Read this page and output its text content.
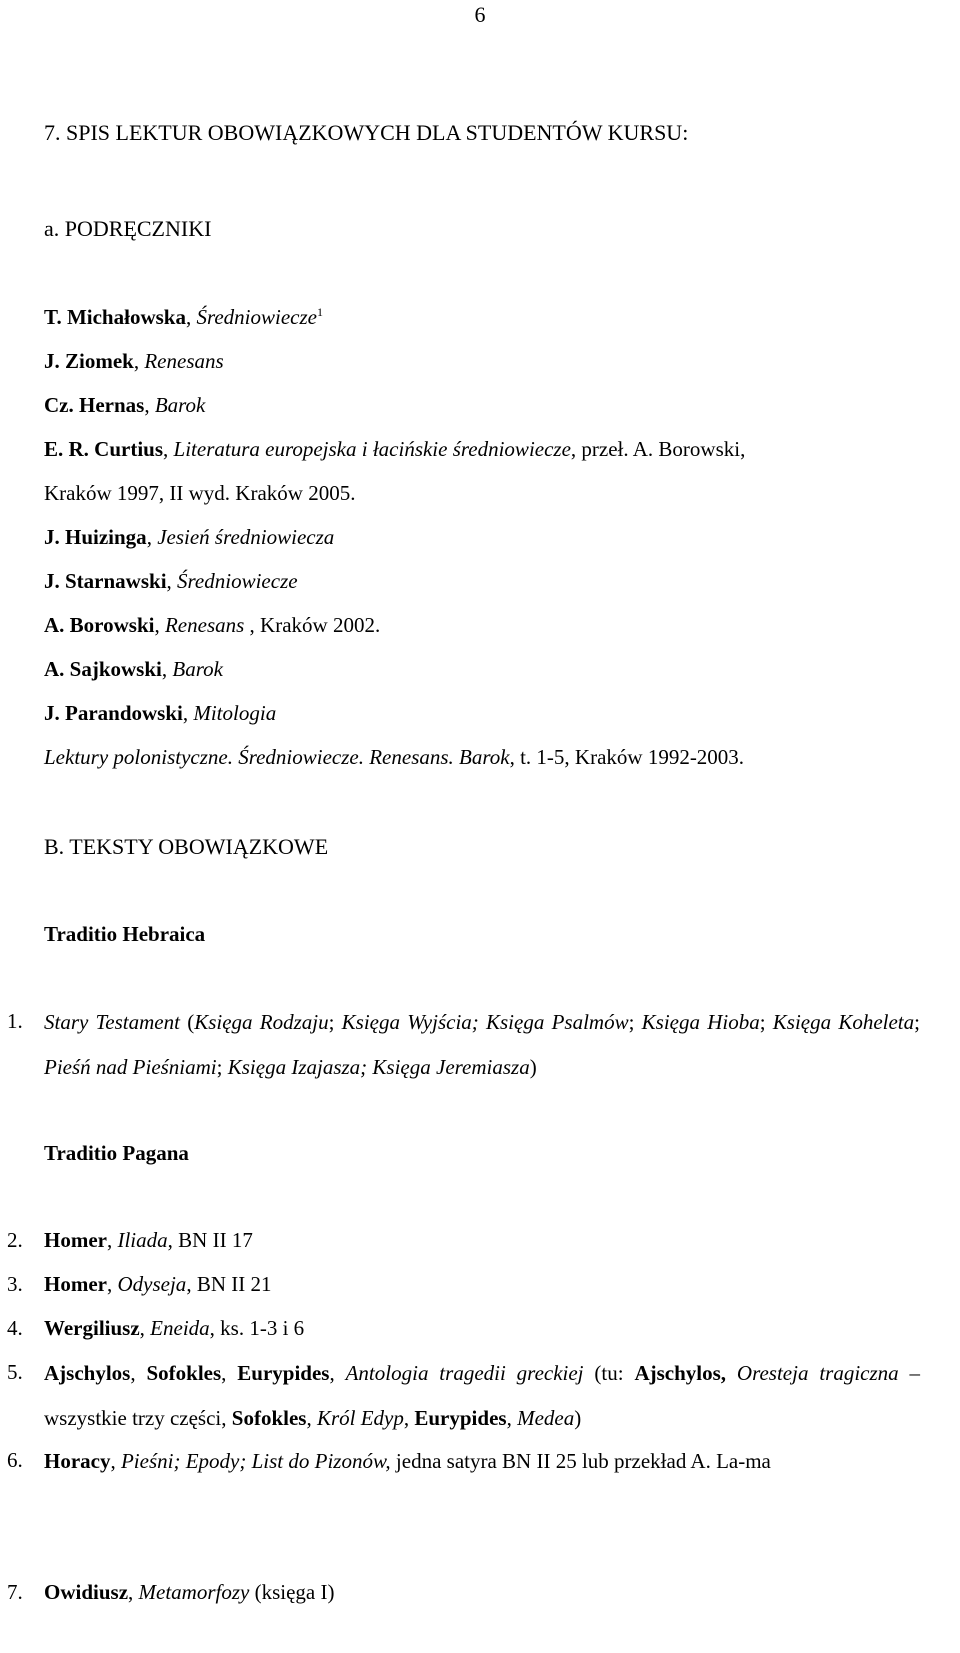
6
7. SPIS LEKTUR OBOWIĄZKOWYCH DLA STUDENTÓW KURSU:
a. PODRĘCZNIKI
T. Michałowska, Średniowiecze$^1$
J. Ziomek, Renesans
Cz. Hernas, Barok
E. R. Curtius, Literatura europejska i łacińskie średniowiecze, przeł. A. Borowski,
Kraków 1997, II wyd. Kraków 2005.
J. Huizinga, Jesień średniowiecza
J. Starnawski, Średniowiecze
A. Borowski, Renesans , Kraków 2002.
A. Sajkowski, Barok
J. Parandowski, Mitologia
Lektury polonistyczne. Średniowiecze. Renesans. Barok, t. 1-5, Kraków 1992-2003.
B. TEKSTY OBOWIĄZKOWE
Traditio Hebraica
1. Stary Testament (Księga Rodzaju; Księga Wyjścia; Księga Psalmów; Księga Hioba; Księga Koheleta; Pieśń nad Pieśniami; Księga Izajasza; Księga Jeremiasza)
Traditio Pagana
2. Homer, Iliada, BN II 17
3. Homer, Odyseja, BN II 21
4. Wergiliusz, Eneida, ks. 1-3 i 6
5. Ajschylos, Sofokles, Eurypides, Antologia tragedii greckiej (tu: Ajschylos, Oresteja tragiczna – wszystkie trzy części, Sofokles, Król Edyp, Eurypides, Medea)
6. Horacy, Pieśni; Epody; List do Pizonów, jedna satyra BN II 25 lub przekład A. La-ma
7. Owidiusz, Metamorfozy (księga I)
